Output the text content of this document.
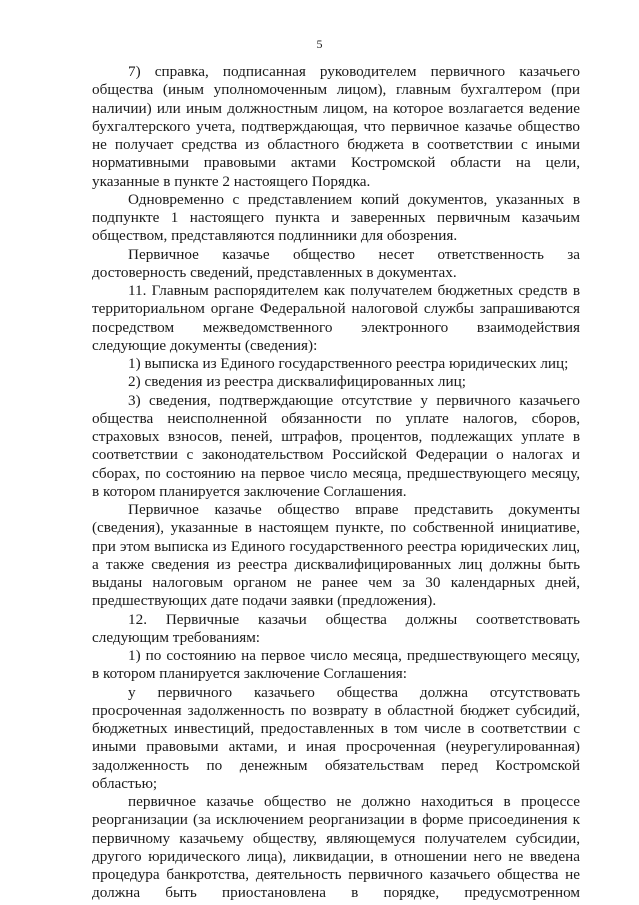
5

7) справка, подписанная руководителем первичного казачьего общества (иным уполномоченным лицом), главным бухгалтером (при наличии) или иным должностным лицом, на которое возлагается ведение бухгалтерского учета, подтверждающая, что первичное казачье общество не получает средства из областного бюджета в соответствии с иными нормативными правовыми актами Костромской области на цели, указанные в пункте 2 настоящего Порядка.

Одновременно с представлением копий документов, указанных в подпункте 1 настоящего пункта и заверенных первичным казачьим обществом, представляются подлинники для обозрения.

Первичное казачье общество несет ответственность за достоверность сведений, представленных в документах.

11. Главным распорядителем как получателем бюджетных средств в территориальном органе Федеральной налоговой службы запрашиваются посредством межведомственного электронного взаимодействия следующие документы (сведения):

1) выписка из Единого государственного реестра юридических лиц;

2) сведения из реестра дисквалифицированных лиц;

3) сведения, подтверждающие отсутствие у первичного казачьего общества неисполненной обязанности по уплате налогов, сборов, страховых взносов, пеней, штрафов, процентов, подлежащих уплате в соответствии с законодательством Российской Федерации о налогах и сборах, по состоянию на первое число месяца, предшествующего месяцу, в котором планируется заключение Соглашения.

Первичное казачье общество вправе представить документы (сведения), указанные в настоящем пункте, по собственной инициативе, при этом выписка из Единого государственного реестра юридических лиц, а также сведения из реестра дисквалифицированных лиц должны быть выданы налоговым органом не ранее чем за 30 календарных дней, предшествующих дате подачи заявки (предложения).

12. Первичные казачьи общества должны соответствовать следующим требованиям:

1) по состоянию на первое число месяца, предшествующего месяцу, в котором планируется заключение Соглашения:

у первичного казачьего общества должна отсутствовать просроченная задолженность по возврату в областной бюджет субсидий, бюджетных инвестиций, предоставленных в том числе в соответствии с иными правовыми актами, и иная просроченная (неурегулированная) задолженность по денежным обязательствам перед Костромской областью;

первичное казачье общество не должно находиться в процессе реорганизации (за исключением реорганизации в форме присоединения к первичному казачьему обществу, являющемуся получателем субсидии, другого юридического лица), ликвидации, в отношении него не введена процедура банкротства, деятельность первичного казачьего общества не должна быть приостановлена в порядке, предусмотренном
